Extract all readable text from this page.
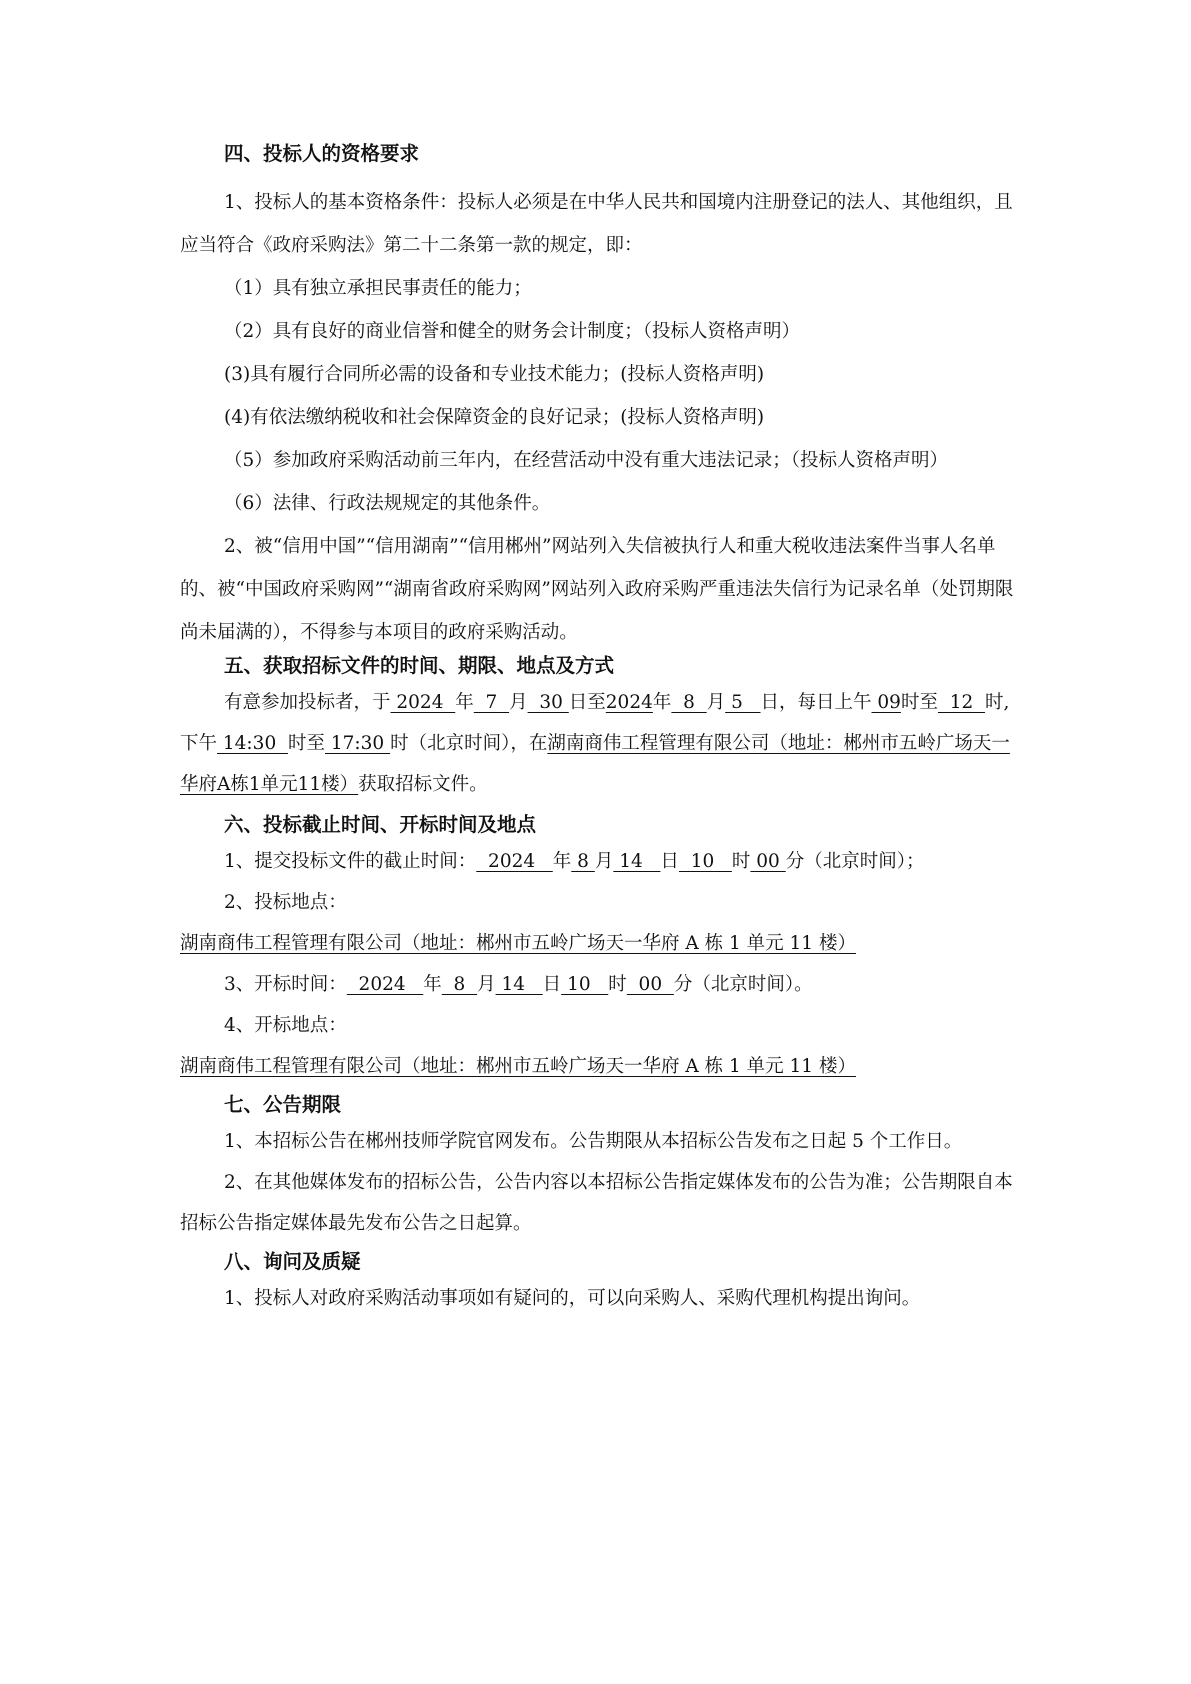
四、投标人的资格要求

1、投标人的基本资格条件：投标人必须是在中华人民共和国境内注册登记的法人、其他组织，且应当符合《政府采购法》第二十二条第一款的规定，即：

（1）具有独立承担民事责任的能力；

（2）具有良好的商业信誉和健全的财务会计制度；（投标人资格声明）

(3)具有履行合同所必需的设备和专业技术能力；(投标人资格声明)

(4)有依法缴纳税收和社会保障资金的良好记录；(投标人资格声明)

（5）参加政府采购活动前三年内，在经营活动中没有重大违法记录；（投标人资格声明）

（6）法律、行政法规规定的其他条件。

2、被“信用中国”“信用湖南”“信用郴州”网站列入失信被执行人和重大税收违法案件当事人名单的、被“中国政府采购网”“湖南省政府采购网”网站列入政府采购严重违法失信行为记录名单（处罚期限尚未届满的），不得参与本项目的政府采购活动。

五、获取招标文件的时间、期限、地点及方式

有意参加投标者，于 2024  年  7  月  30 日至2024年  8  月 5   日，每日上午 09时至  12  时,下午 14:30  时至 17:30 时（北京时间），在湖南商伟工程管理有限公司（地址：郴州市五岭广场天一华府A栋1单元11楼）获取招标文件。

六、投标截止时间、开标时间及地点

1、提交投标文件的截止时间：  2024   年 8 月 14   日  10   时 00 分（北京时间）；

2、投标地点： 湖南商伟工程管理有限公司（地址：郴州市五岭广场天一华府 A 栋 1 单元 11 楼）

3、开标时间：  2024   年  8  月 14   日 10   时  00  分（北京时间）。

4、开标地点：湖南商伟工程管理有限公司（地址：郴州市五岭广场天一华府 A 栋 1 单元 11 楼）

七、公告期限

1、本招标公告在郴州技师学院官网发布。公告期限从本招标公告发布之日起 5 个工作日。

2、在其他媒体发布的招标公告，公告内容以本招标公告指定媒体发布的公告为准；公告期限自本招标公告指定媒体最先发布公告之日起算。

八、询问及质疑

1、投标人对政府采购活动事项如有疑问的，可以向采购人、采购代理机构提出询问。
